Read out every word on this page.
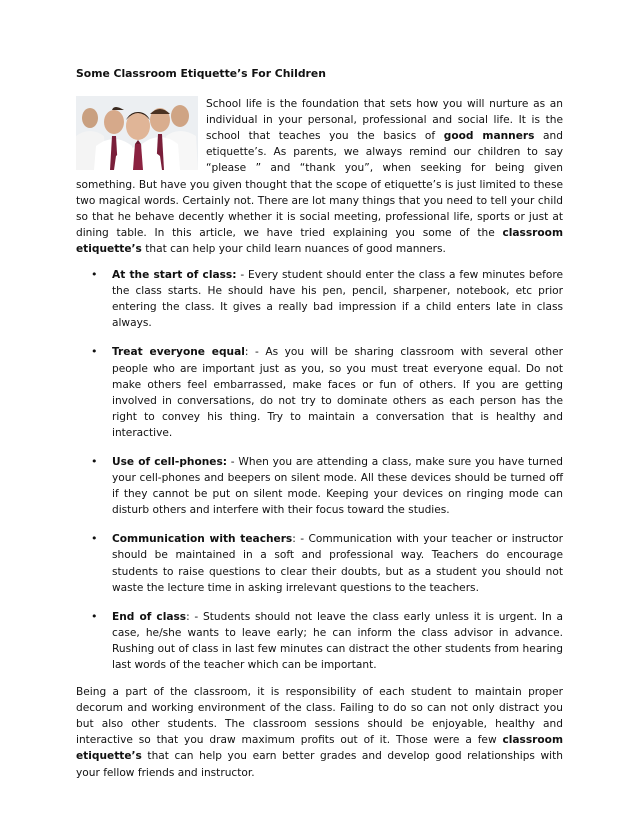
Some Classroom Etiquette’s For Children

School life is the foundation that sets how you will nurture as an individual in your personal, professional and social life. It is the school that teaches you the basics of good manners and etiquette’s. As parents, we always remind our children to say “please ” and “thank you”, when seeking for being given something. But have you given thought that the scope of etiquette’s is just limited to these two magical words. Certainly not. There are lot many things that you need to tell your child so that he behave decently whether it is social meeting, professional life, sports or just at dining table. In this article, we have tried explaining you some of the classroom etiquette’s that can help your child learn nuances of good manners.

• At the start of class: - Every student should enter the class a few minutes before the class starts. He should have his pen, pencil, sharpener, notebook, etc prior entering the class. It gives a really bad impression if a child enters late in class always.
• Treat everyone equal: - As you will be sharing classroom with several other people who are important just as you, so you must treat everyone equal. Do not make others feel embarrassed, make faces or fun of others. If you are getting involved in conversations, do not try to dominate others as each person has the right to convey his thing. Try to maintain a conversation that is healthy and interactive.
• Use of cell-phones: - When you are attending a class, make sure you have turned your cell-phones and beepers on silent mode. All these devices should be turned off if they cannot be put on silent mode. Keeping your devices on ringing mode can disturb others and interfere with their focus toward the studies.
• Communication with teachers: - Communication with your teacher or instructor should be maintained in a soft and professional way. Teachers do encourage students to raise questions to clear their doubts, but as a student you should not waste the lecture time in asking irrelevant questions to the teachers.
• End of class: - Students should not leave the class early unless it is urgent. In a case, he/she wants to leave early; he can inform the class advisor in advance. Rushing out of class in last few minutes can distract the other students from hearing last words of the teacher which can be important.

Being a part of the classroom, it is responsibility of each student to maintain proper decorum and working environment of the class. Failing to do so can not only distract you but also other students. The classroom sessions should be enjoyable, healthy and interactive so that you draw maximum profits out of it. Those were a few classroom etiquette’s that can help you earn better grades and develop good relationships with your fellow friends and instructor.
